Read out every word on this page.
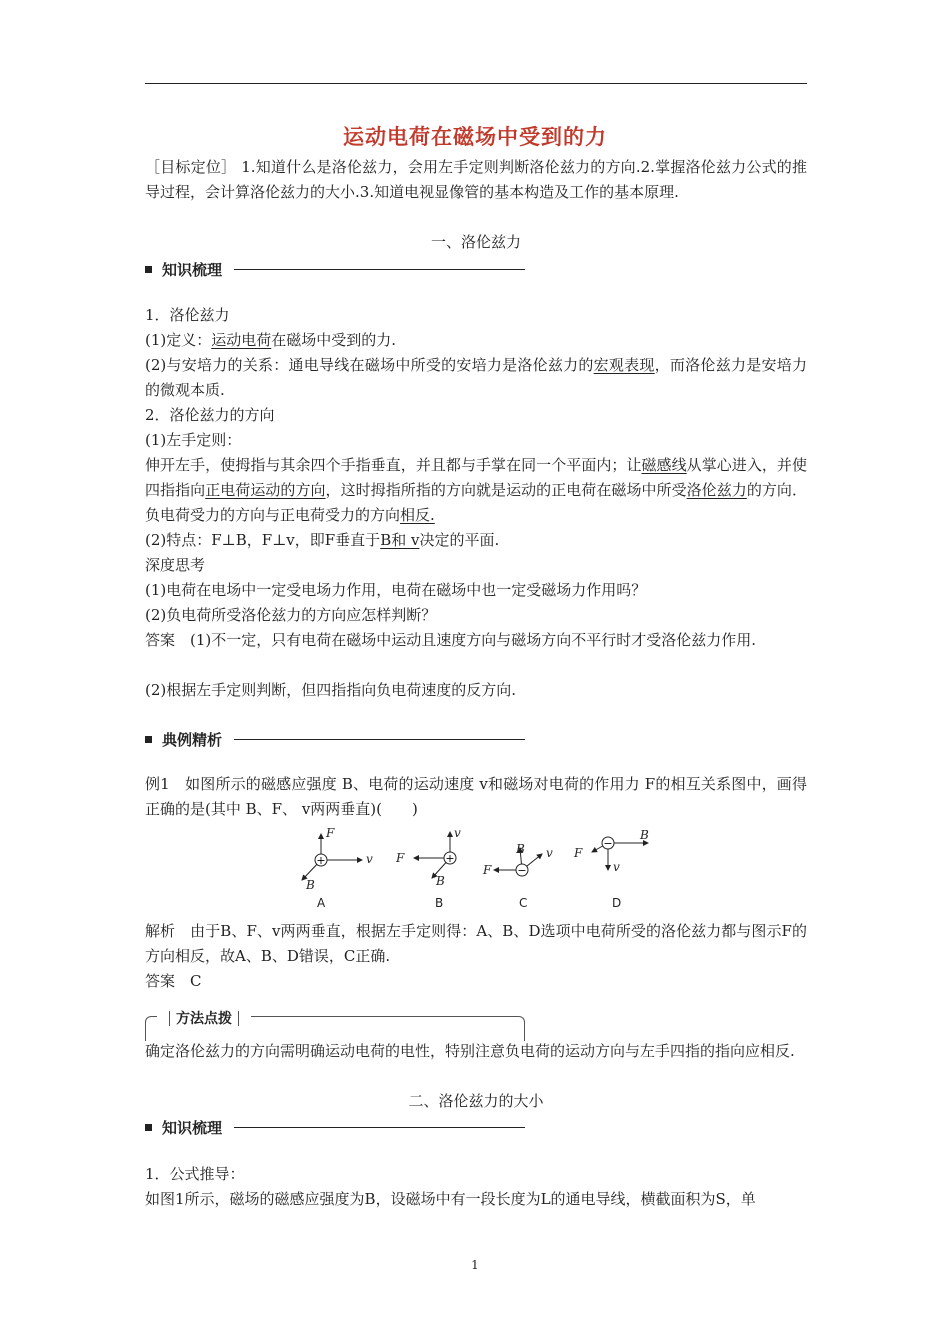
运动电荷在磁场中受到的力

［目标定位］ 1.知道什么是洛伦兹力，会用左手定则判断洛伦兹力的方向.2.掌握洛伦兹力公式的推导过程，会计算洛伦兹力的大小.3.知道电视显像管的基本构造及工作的基本原理.

一、洛伦兹力

知识梳理

1．洛伦兹力

(1)定义：运动电荷在磁场中受到的力.

(2)与安培力的关系：通电导线在磁场中所受的安培力是洛伦兹力的宏观表现，而洛伦兹力是安培力的微观本质.

2．洛伦兹力的方向

(1)左手定则：

伸开左手，使拇指与其余四个手指垂直，并且都与手掌在同一个平面内；让磁感线从掌心进入，并使四指指向正电荷运动的方向，这时拇指所指的方向就是运动的正电荷在磁场中所受洛伦兹力的方向．负电荷受力的方向与正电荷受力的方向相反.

(2)特点：F⊥B，F⊥v，即F垂直于B和 v决定的平面.

深度思考

(1)电荷在电场中一定受电场力作用，电荷在磁场中也一定受磁场力作用吗？

(2)负电荷所受洛伦兹力的方向应怎样判断？

答案　(1)不一定，只有电荷在磁场中运动且速度方向与磁场方向不平行时才受洛伦兹力作用.

(2)根据左手定则判断，但四指指向负电荷速度的反方向.

典例精析

例1　如图所示的磁感应强度 B、电荷的运动速度 v和磁场对电荷的作用力 F的相互关系图中，画得正确的是(其中 B、F、 v两两垂直)(　　)

+
F
v
B
A
+
F
v
B
B
−
F
B v
C
−
F
B
v
D

解析　由于B、F、v两两垂直，根据左手定则得：A、B、D选项中电荷所受的洛伦兹力都与图示F的方向相反，故A、B、D错误，C正确.

答案　C

方法点拨

确定洛伦兹力的方向需明确运动电荷的电性，特别注意负电荷的运动方向与左手四指的指向应相反.

二、洛伦兹力的大小

知识梳理

1．公式推导：

如图1所示，磁场的磁感应强度为B，设磁场中有一段长度为L的通电导线，横截面积为S，单

1
